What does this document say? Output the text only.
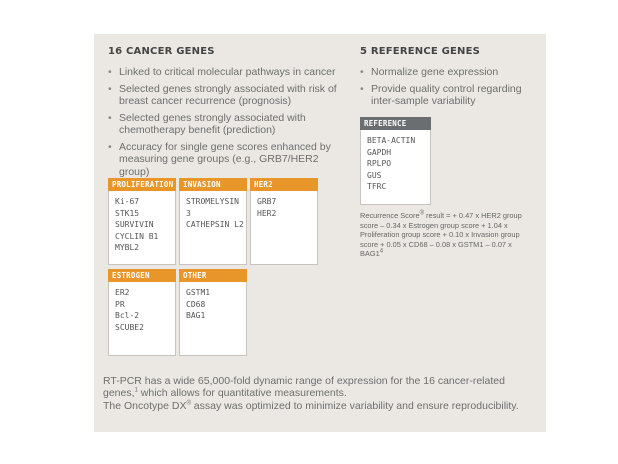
16 CANCER GENES
• Linked to critical molecular pathways in cancer
• Selected genes strongly associated with risk of breast cancer recurrence (prognosis)
• Selected genes strongly associated with chemotherapy benefit (prediction)
• Accuracy for single gene scores enhanced by measuring gene groups (e.g., GRB7/HER2 group)
PROLIFERATION
Ki-67
STK15
SURVIVIN
CYCLIN B1
MYBL2
INVASION
STROMELYSIN 3
CATHEPSIN L2
HER2
GRB7
HER2
ESTROGEN
ER2
PR
Bcl-2
SCUBE2
OTHER
GSTM1
CD68
BAG1
5 REFERENCE GENES
• Normalize gene expression
• Provide quality control regarding inter-sample variability
REFERENCE
BETA-ACTIN
GAPDH
RPLPO
GUS
TFRC
Recurrence Score® result = + 0.47 x HER2 group score – 0.34 x Estrogen group score + 1.04 x Proliferation group score + 0.10 x Invasion group score + 0.05 x CD68 – 0.08 x GSTM1 – 0.07 x $BAG1^4$

RT-PCR has a wide 65,000-fold dynamic range of expression for the 16 cancer-related genes,$^1$ which allows for quantitative measurements.

The Oncotype DX® assay was optimized to minimize variability and ensure reproducibility.
